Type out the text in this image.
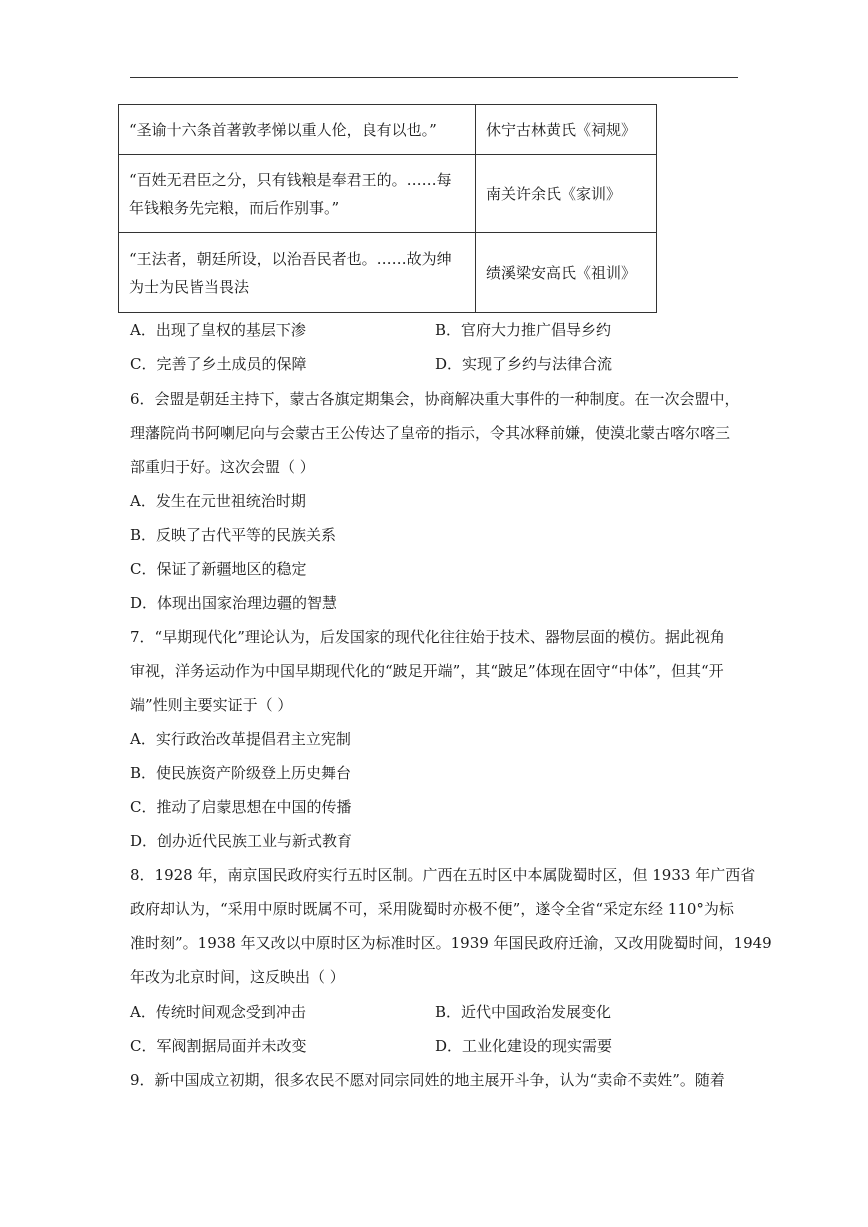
“圣谕十六条首著敦孝悌以重人伦，良有以也。”	休宁古林黄氏《祠规》
“百姓无君臣之分，只有钱粮是奉君王的。……每年钱粮务先完粮，而后作别事。”	南关许余氏《家训》
“王法者，朝廷所设，以治吾民者也。……故为绅为士为民皆当畏法	绩溪梁安高氏《祖训》
A．出现了皇权的基层下渗	B．官府大力推广倡导乡约
C．完善了乡土成员的保障	D．实现了乡约与法律合流
6．会盟是朝廷主持下，蒙古各旗定期集会，协商解决重大事件的一种制度。在一次会盟中，
理藩院尚书阿喇尼向与会蒙古王公传达了皇帝的指示，令其冰释前嫌，使漠北蒙古喀尔喀三
部重归于好。这次会盟（ ）
A．发生在元世祖统治时期
B．反映了古代平等的民族关系
C．保证了新疆地区的稳定
D．体现出国家治理边疆的智慧
7．“早期现代化”理论认为，后发国家的现代化往往始于技术、器物层面的模仿。据此视角
审视，洋务运动作为中国早期现代化的“跛足开端”，其“跛足”体现在固守“中体”，但其“开
端”性则主要实证于（ ）
A．实行政治改革提倡君主立宪制
B．使民族资产阶级登上历史舞台
C．推动了启蒙思想在中国的传播
D．创办近代民族工业与新式教育
8．1928 年，南京国民政府实行五时区制。广西在五时区中本属陇蜀时区，但 1933 年广西省
政府却认为，“采用中原时既属不可，采用陇蜀时亦极不便”，遂令全省“采定东经 110°为标
准时刻”。1938 年又改以中原时区为标准时区。1939 年国民政府迁渝，又改用陇蜀时间，1949
年改为北京时间，这反映出（ ）
A．传统时间观念受到冲击	B．近代中国政治发展变化
C．军阀割据局面并未改变	D．工业化建设的现实需要
9．新中国成立初期，很多农民不愿对同宗同姓的地主展开斗争，认为“卖命不卖姓”。随着
